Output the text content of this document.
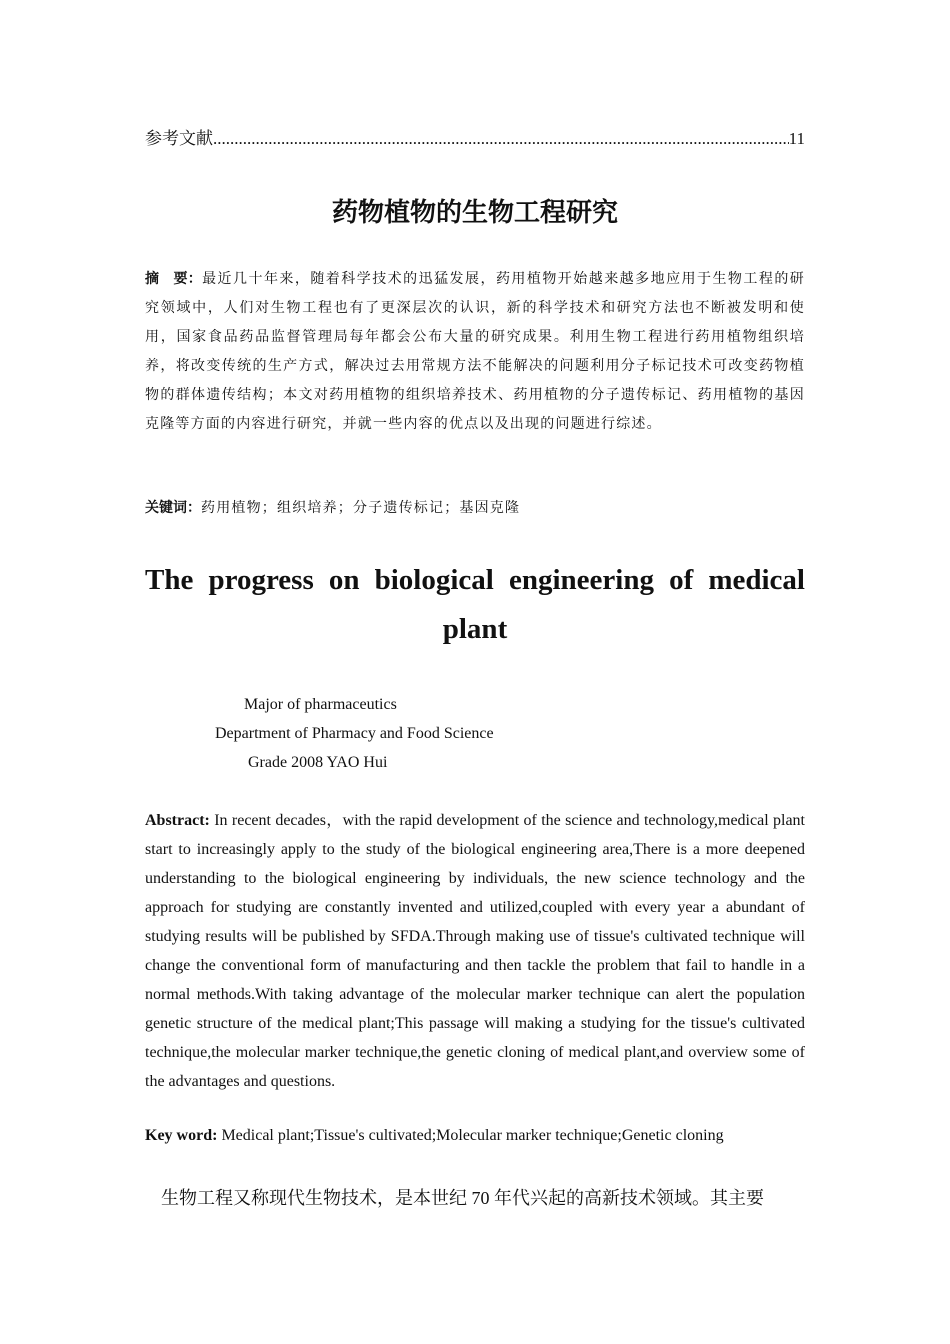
参考文献
.....	11
药物植物的生物工程研究
摘　要：最近几十年来，随着科学技术的迅猛发展，药用植物开始越来越多地应用于生物工程的研究领域中，人们对生物工程也有了更深层次的认识，新的科学技术和研究方法也不断被发明和使用，国家食品药品监督管理局每年都会公布大量的研究成果。利用生物工程进行药用植物组织培养，将改变传统的生产方式，解决过去用常规方法不能解决的问题利用分子标记技术可改变药物植物的群体遗传结构；本文对药用植物的组织培养技术、药用植物的分子遗传标记、药用植物的基因克隆等方面的内容进行研究，并就一些内容的优点以及出现的问题进行综述。
关键词：药用植物；组织培养；分子遗传标记；基因克隆
The progress on biological engineering of medical
plant
Major of pharmaceutics
Department of Pharmacy and Food Science
Grade 2008 YAO Hui
Abstract: In recent decades，with the rapid development of the science and technology,medical plant start to increasingly apply to the study of the biological engineering area,There is a more deepened understanding to the biological engineering by individuals, the new science technology and the approach for studying are constantly invented and utilized,coupled with every year a abundant of studying results will be published by SFDA.Through making use of tissue's cultivated technique will change the conventional form of manufacturing and then tackle the problem that fail to handle in a normal methods.With taking advantage of the molecular marker technique can alert the population genetic structure of the medical plant;This passage will making a studying for the tissue's cultivated technique,the molecular marker technique,the genetic cloning of medical plant,and overview some of the advantages and questions.
Key word: Medical plant;Tissue's cultivated;Molecular marker technique;Genetic cloning
生物工程又称现代生物技术，是本世纪 70 年代兴起的高新技术领域。其主要
